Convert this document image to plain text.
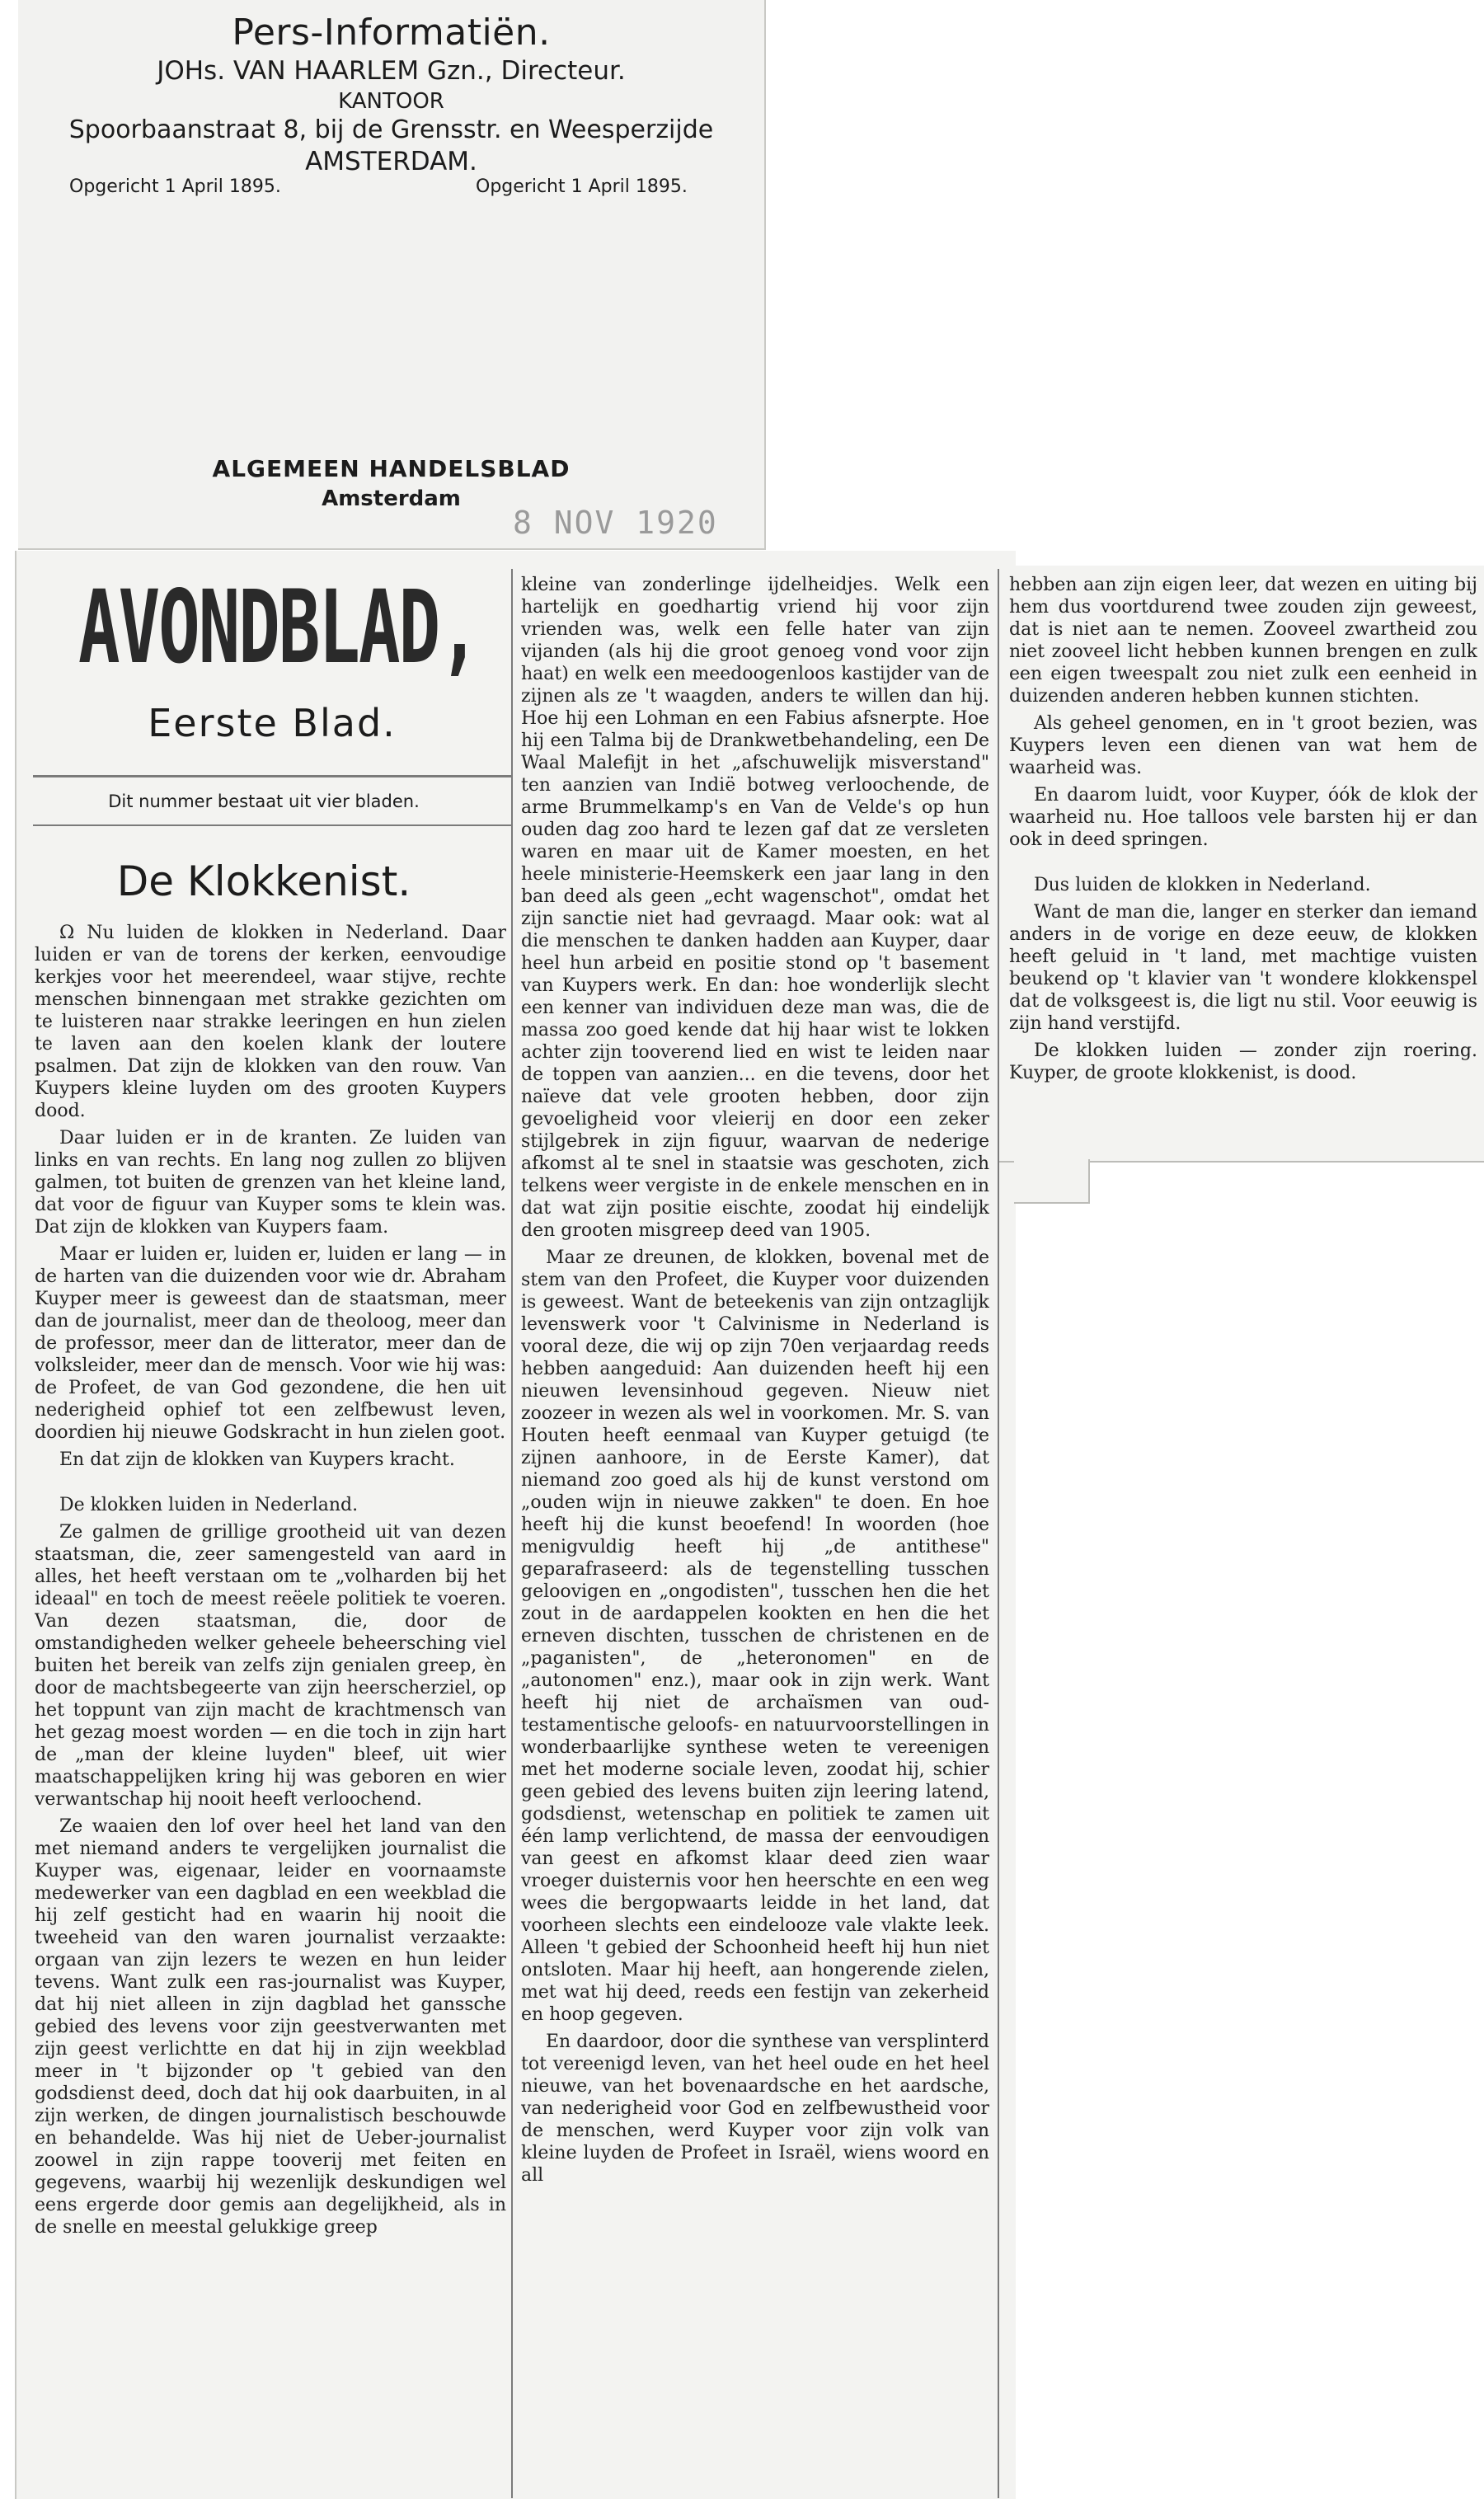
Pers-Informatiën.
JOHs. VAN HAARLEM Gzn., Directeur.
KANTOOR
Spoorbaanstraat 8, bij de Grensstr. en Weesperzijde
AMSTERDAM.
Opgericht 1 April 1895.	Opgericht 1 April 1895.
ALGEMEEN HANDELSBLAD
Amsterdam
8 NOV 1920
AVONDBLAD,
Eerste Blad.
Dit nummer bestaat uit vier bladen.
De Klokkenist.

Ω Nu luiden de klokken in Nederland. Daar luiden er van de torens der kerken, eenvoudige kerkjes voor het meerendeel, waar stijve, rechte menschen binnengaan met strakke gezichten om te luisteren naar strakke leeringen en hun zielen te laven aan den koelen klank der loutere psalmen. Dat zijn de klokken van den rouw. Van Kuypers kleine luyden om des grooten Kuypers dood.

Daar luiden er in de kranten. Ze luiden van links en van rechts. En lang nog zullen zo blijven galmen, tot buiten de grenzen van het kleine land, dat voor de figuur van Kuyper soms te klein was. Dat zijn de klokken van Kuypers faam.

Maar er luiden er, luiden er, luiden er lang — in de harten van die duizenden voor wie dr. Abraham Kuyper meer is geweest dan de staatsman, meer dan de journalist, meer dan de theoloog, meer dan de professor, meer dan de litterator, meer dan de volksleider, meer dan de mensch. Voor wie hij was: de Profeet, de van God gezondene, die hen uit nederigheid ophief tot een zelfbewust leven, doordien hij nieuwe Godskracht in hun zielen goot.

En dat zijn de klokken van Kuypers kracht.

De klokken luiden in Nederland.

Ze galmen de grillige grootheid uit van dezen staatsman, die, zeer samengesteld van aard in alles, het heeft verstaan om te „volharden bij het ideaal" en toch de meest reëele politiek te voeren. Van dezen staatsman, die, door de omstandigheden welker geheele beheersching viel buiten het bereik van zelfs zijn genialen greep, èn door de machtsbegeerte van zijn heerscherziel, op het toppunt van zijn macht de krachtmensch van het gezag moest worden — en die toch in zijn hart de „man der kleine luyden" bleef, uit wier maatschappelijken kring hij was geboren en wier verwantschap hij nooit heeft verloochend.

Ze waaien den lof over heel het land van den met niemand anders te vergelijken journalist die Kuyper was, eigenaar, leider en voornaamste medewerker van een dagblad en een weekblad die hij zelf gesticht had en waarin hij nooit die tweeheid van den waren journalist verzaakte: orgaan van zijn lezers te wezen en hun leider tevens. Want zulk een ras-journalist was Kuyper, dat hij niet alleen in zijn dagblad het ganssche gebied des levens voor zijn geestverwanten met zijn geest verlichtte en dat hij in zijn weekblad meer in 't bijzonder op 't gebied van den godsdienst deed, doch dat hij ook daarbuiten, in al zijn werken, de dingen journalistisch beschouwde en behandelde. Was hij niet de Ueber-journalist zoowel in zijn rappe tooverij met feiten en gegevens, waarbij hij wezenlijk deskundigen wel eens ergerde door gemis aan degelijkheid, als in de snelle en meestal gelukkige greep

kleine van zonderlinge ijdelheidjes. Welk een hartelijk en goedhartig vriend hij voor zijn vrienden was, welk een felle hater van zijn vijanden (als hij die groot genoeg vond voor zijn haat) en welk een meedoogenloos kastijder van de zijnen als ze 't waagden, anders te willen dan hij. Hoe hij een Lohman en een Fabius afsnerpte. Hoe hij een Talma bij de Drankwetbehandeling, een De Waal Malefijt in het „afschuwelijk misverstand" ten aanzien van Indië botweg verloochende, de arme Brummelkamp's en Van de Velde's op hun ouden dag zoo hard te lezen gaf dat ze versleten waren en maar uit de Kamer moesten, en het heele ministerie-Heemskerk een jaar lang in den ban deed als geen „echt wagenschot", omdat het zijn sanctie niet had gevraagd. Maar ook: wat al die menschen te danken hadden aan Kuyper, daar heel hun arbeid en positie stond op 't basement van Kuypers werk. En dan: hoe wonderlijk slecht een kenner van individuen deze man was, die de massa zoo goed kende dat hij haar wist te lokken achter zijn tooverend lied en wist te leiden naar de toppen van aanzien... en die tevens, door het naïeve dat vele grooten hebben, door zijn gevoeligheid voor vleierij en door een zeker stijlgebrek in zijn figuur, waarvan de nederige afkomst al te snel in staatsie was geschoten, zich telkens weer vergiste in de enkele menschen en in dat wat zijn positie eischte, zoodat hij eindelijk den grooten misgreep deed van 1905.

Maar ze dreunen, de klokken, bovenal met de stem van den Profeet, die Kuyper voor duizenden is geweest. Want de beteekenis van zijn ontzaglijk levenswerk voor 't Calvinisme in Nederland is vooral deze, die wij op zijn 70en verjaardag reeds hebben aangeduid: Aan duizenden heeft hij een nieuwen levensinhoud gegeven. Nieuw niet zoozeer in wezen als wel in voorkomen. Mr. S. van Houten heeft eenmaal van Kuyper getuigd (te zijnen aanhoore, in de Eerste Kamer), dat niemand zoo goed als hij de kunst verstond om „ouden wijn in nieuwe zakken" te doen. En hoe heeft hij die kunst beoefend! In woorden (hoe menigvuldig heeft hij „de antithese" geparafraseerd: als de tegenstelling tusschen geloovigen en „ongodisten", tusschen hen die het zout in de aardappelen kookten en hen die het erneven dischten, tusschen de christenen en de „paganisten", de „heteronomen" en de „autonomen" enz.), maar ook in zijn werk. Want heeft hij niet de archaïsmen van oud-testamentische geloofs- en natuurvoorstellingen in wonderbaarlijke synthese weten te vereenigen met het moderne sociale leven, zoodat hij, schier geen gebied des levens buiten zijn leering latend, godsdienst, wetenschap en politiek te zamen uit één lamp verlichtend, de massa der eenvoudigen van geest en afkomst klaar deed zien waar vroeger duisternis voor hen heerschte en een weg wees die bergopwaarts leidde in het land, dat voorheen slechts een eindelooze vale vlakte leek. Alleen 't gebied der Schoonheid heeft hij hun niet ontsloten. Maar hij heeft, aan hongerende zielen, met wat hij deed, reeds een festijn van zekerheid en hoop gegeven.

En daardoor, door die synthese van versplinterd tot vereenigd leven, van het heel oude en het heel nieuwe, van het bovenaardsche en het aardsche, van nederigheid voor God en zelfbewustheid voor de menschen, werd Kuyper voor zijn volk van kleine luyden de Profeet in Israël, wiens woord en all

hebben aan zijn eigen leer, dat wezen en uiting bij hem dus voortdurend twee zouden zijn geweest, dat is niet aan te nemen. Zooveel zwartheid zou niet zooveel licht hebben kunnen brengen en zulk een eigen tweespalt zou niet zulk een eenheid in duizenden anderen hebben kunnen stichten.

Als geheel genomen, en in 't groot bezien, was Kuypers leven een dienen van wat hem de waarheid was.

En daarom luidt, voor Kuyper, óók de klok der waarheid nu. Hoe talloos vele barsten hij er dan ook in deed springen.

Dus luiden de klokken in Nederland.

Want de man die, langer en sterker dan iemand anders in de vorige en deze eeuw, de klokken heeft geluid in 't land, met machtige vuisten beukend op 't klavier van 't wondere klokkenspel dat de volksgeest is, die ligt nu stil. Voor eeuwig is zijn hand verstijfd.

De klokken luiden — zonder zijn roering. Kuyper, de groote klokkenist, is dood.
